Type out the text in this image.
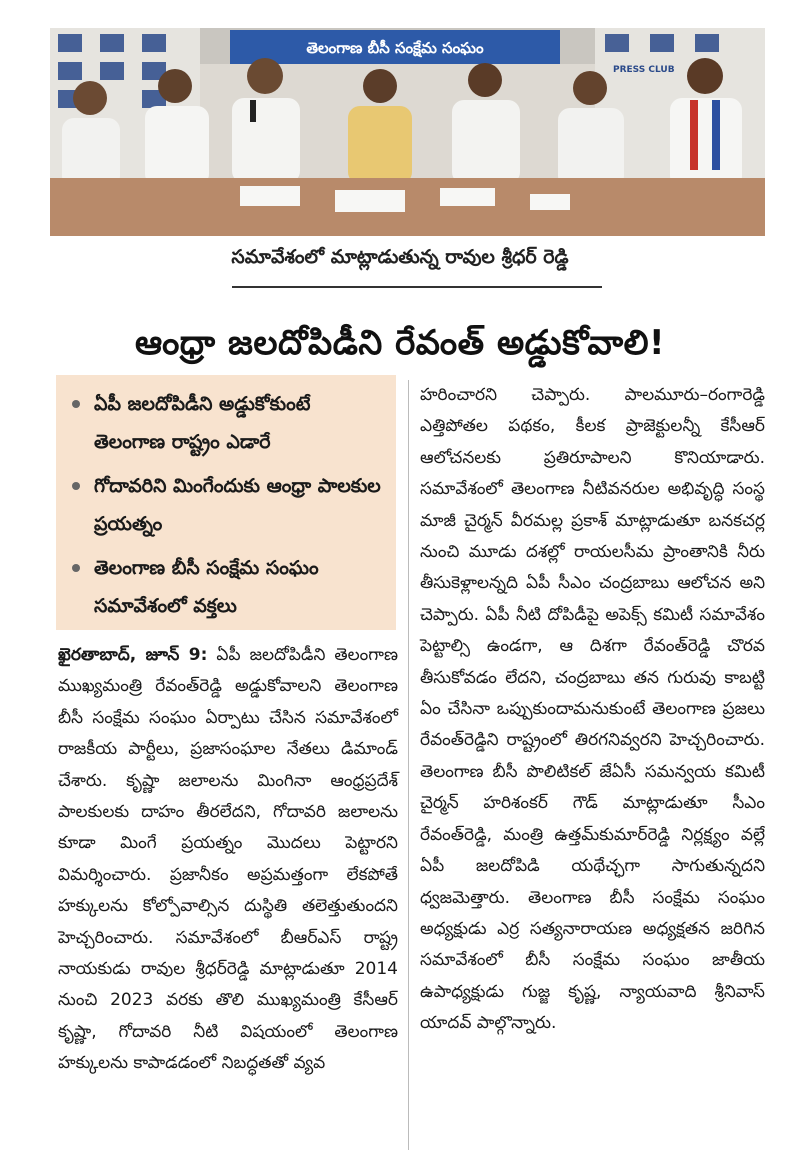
PRESS CLUB
తెలంగాణ బీసీ సంక్షేమ సంఘం
సమావేశంలో మాట్లాడుతున్న రావుల శ్రీధర్ రెడ్డి
ఆంధ్రా జలదోపిడీని రేవంత్ అడ్డుకోవాలి!
ఏపీ జలదోపిడీని అడ్డుకోకుంటే తెలంగాణ రాష్ట్రం ఎడారే
గోదావరిని మింగేందుకు ఆంధ్రా పాలకుల ప్రయత్నం
తెలంగాణ బీసీ సంక్షేమ సంఘం సమావేశంలో వక్తలు
ఖైరతాబాద్, జూన్ 9: ఏపీ జలదోపిడీని తెలంగాణ ముఖ్యమంత్రి రేవంత్‌రెడ్డి అడ్డుకోవాలని తెలంగాణ బీసీ సంక్షేమ సంఘం ఏర్పాటు చేసిన సమావేశంలో రాజకీయ పార్టీలు, ప్రజాసంఘాల నేతలు డిమాండ్ చేశారు. కృష్ణా జలాలను మింగినా ఆంధ్రప్రదేశ్ పాలకులకు దాహం తీరలేదని, గోదావరి జలాలను కూడా మింగే ప్రయత్నం మొదలు పెట్టారని విమర్శించారు. ప్రజానీకం అప్రమత్తంగా లేకపోతే హక్కులను కోల్పోవాల్సిన దుస్థితి తలెత్తుతుందని హెచ్చరించారు. సమావేశంలో బీఆర్ఎస్ రాష్ట్ర నాయకుడు రావుల శ్రీధర్‌రెడ్డి మాట్లాడుతూ 2014 నుంచి 2023 వరకు తొలి ముఖ్యమంత్రి కేసీఆర్ కృష్ణా, గోదావరి నీటి విషయంలో తెలంగాణ హక్కులను కాపాడడంలో నిబద్ధతతో వ్యవ
హరించారని చెప్పారు. పాలమూరు–రంగారెడ్డి ఎత్తిపోతల పథకం, కీలక ప్రాజెక్టులన్నీ కేసీఆర్ ఆలోచనలకు ప్రతిరూపాలని కొనియాడారు. సమావేశంలో తెలంగాణ నీటివనరుల అభివృద్ధి సంస్థ మాజీ చైర్మన్ వీరమల్ల ప్రకాశ్ మాట్లాడుతూ బనకచర్ల నుంచి మూడు దశల్లో రాయలసీమ ప్రాంతానికి నీరు తీసుకెళ్లాలన్నది ఏపీ సీఎం చంద్రబాబు ఆలోచన అని చెప్పారు. ఏపీ నీటి దోపిడీపై అపెక్స్ కమిటీ సమావేశం పెట్టాల్సి ఉండగా, ఆ దిశగా రేవంత్‌రెడ్డి చొరవ తీసుకోవడం లేదని, చంద్రబాబు తన గురువు కాబట్టి ఏం చేసినా ఒప్పుకుందామనుకుంటే తెలంగాణ ప్రజలు రేవంత్‌రెడ్డిని రాష్ట్రంలో తిరగనివ్వరని హెచ్చరించారు. తెలంగాణ బీసీ పొలిటికల్ జేఏసీ సమన్వయ కమిటీ చైర్మన్ హరిశంకర్ గౌడ్ మాట్లాడుతూ సీఎం రేవంత్‌రెడ్డి, మంత్రి ఉత్తమ్‌కుమార్‌రెడ్డి నిర్లక్ష్యం వల్లే ఏపీ జలదోపిడి యథేచ్ఛగా సాగుతున్నదని ధ్వజమెత్తారు. తెలంగాణ బీసీ సంక్షేమ సంఘం అధ్యక్షుడు ఎర్ర సత్యనారాయణ అధ్యక్షతన జరిగిన సమావేశంలో బీసీ సంక్షేమ సంఘం జాతీయ ఉపాధ్యక్షుడు గుజ్జ కృష్ణ, న్యాయవాది శ్రీనివాస్ యాదవ్ పాల్గొన్నారు.
